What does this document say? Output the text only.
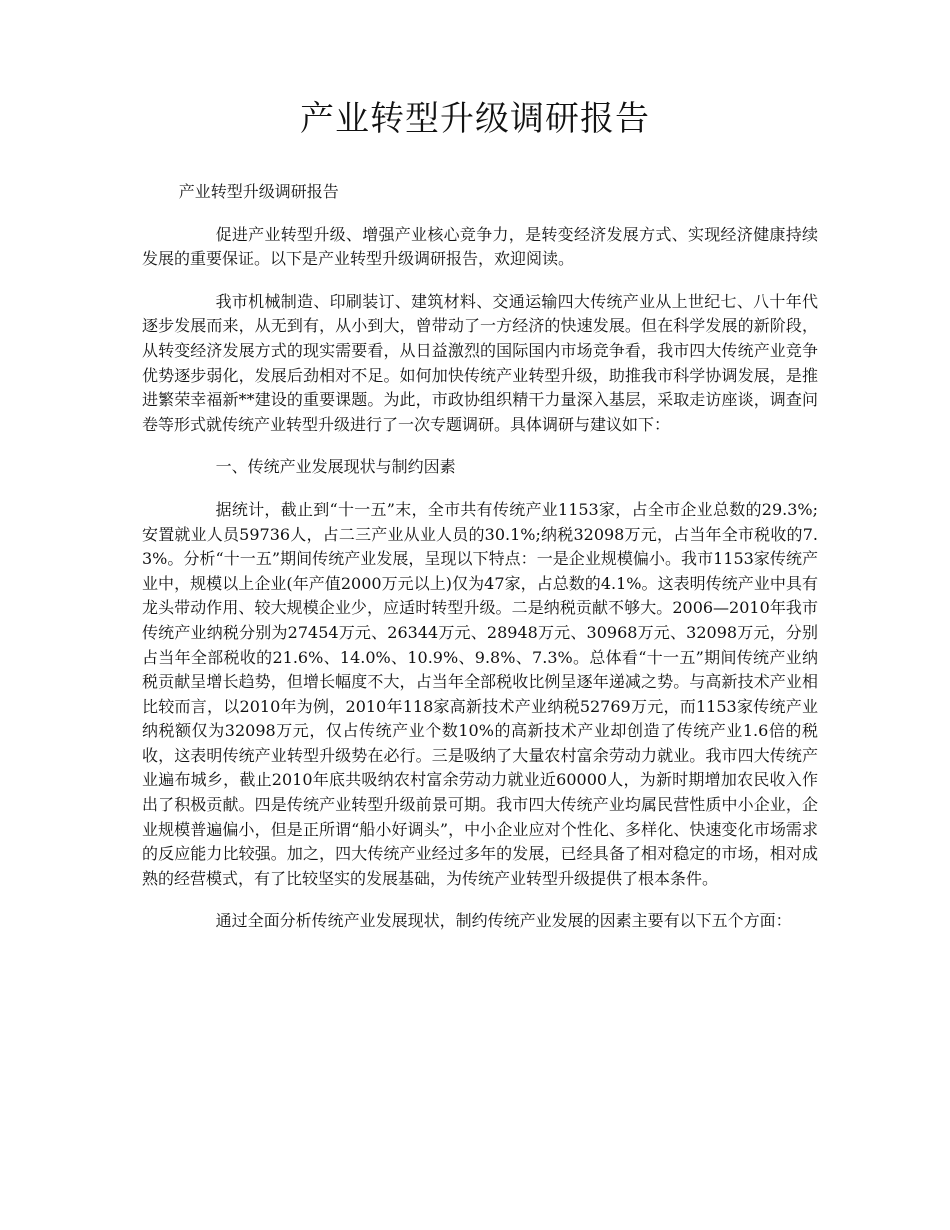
产业转型升级调研报告

产业转型升级调研报告

促进产业转型升级、增强产业核心竞争力，是转变经济发展方式、实现经济健康持续发展的重要保证。以下是产业转型升级调研报告，欢迎阅读。

我市机械制造、印刷装订、建筑材料、交通运输四大传统产业从上世纪七、八十年代逐步发展而来，从无到有，从小到大，曾带动了一方经济的快速发展。但在科学发展的新阶段，从转变经济发展方式的现实需要看，从日益激烈的国际国内市场竞争看，我市四大传统产业竞争优势逐步弱化，发展后劲相对不足。如何加快传统产业转型升级，助推我市科学协调发展，是推进繁荣幸福新**建设的重要课题。为此，市政协组织精干力量深入基层，采取走访座谈，调查问卷等形式就传统产业转型升级进行了一次专题调研。具体调研与建议如下：

一、传统产业发展现状与制约因素

据统计，截止到“十一五”末，全市共有传统产业1153家，占全市企业总数的29.3%;安置就业人员59736人，占二三产业从业人员的30.1%;纳税32098万元，占当年全市税收的7.3%。分析“十一五”期间传统产业发展，呈现以下特点：一是企业规模偏小。我市1153家传统产业中，规模以上企业(年产值2000万元以上)仅为47家，占总数的4.1%。这表明传统产业中具有龙头带动作用、较大规模企业少，应适时转型升级。二是纳税贡献不够大。2006—2010年我市传统产业纳税分别为27454万元、26344万元、28948万元、30968万元、32098万元，分别占当年全部税收的21.6%、14.0%、10.9%、9.8%、7.3%。总体看“十一五”期间传统产业纳税贡献呈增长趋势，但增长幅度不大，占当年全部税收比例呈逐年递减之势。与高新技术产业相比较而言，以2010年为例，2010年118家高新技术产业纳税52769万元，而1153家传统产业纳税额仅为32098万元，仅占传统产业个数10%的高新技术产业却创造了传统产业1.6倍的税收，这表明传统产业转型升级势在必行。三是吸纳了大量农村富余劳动力就业。我市四大传统产业遍布城乡，截止2010年底共吸纳农村富余劳动力就业近60000人，为新时期增加农民收入作出了积极贡献。四是传统产业转型升级前景可期。我市四大传统产业均属民营性质中小企业，企业规模普遍偏小，但是正所谓“船小好调头”，中小企业应对个性化、多样化、快速变化市场需求的反应能力比较强。加之，四大传统产业经过多年的发展，已经具备了相对稳定的市场，相对成熟的经营模式，有了比较坚实的发展基础，为传统产业转型升级提供了根本条件。

通过全面分析传统产业发展现状，制约传统产业发展的因素主要有以下五个方面：
